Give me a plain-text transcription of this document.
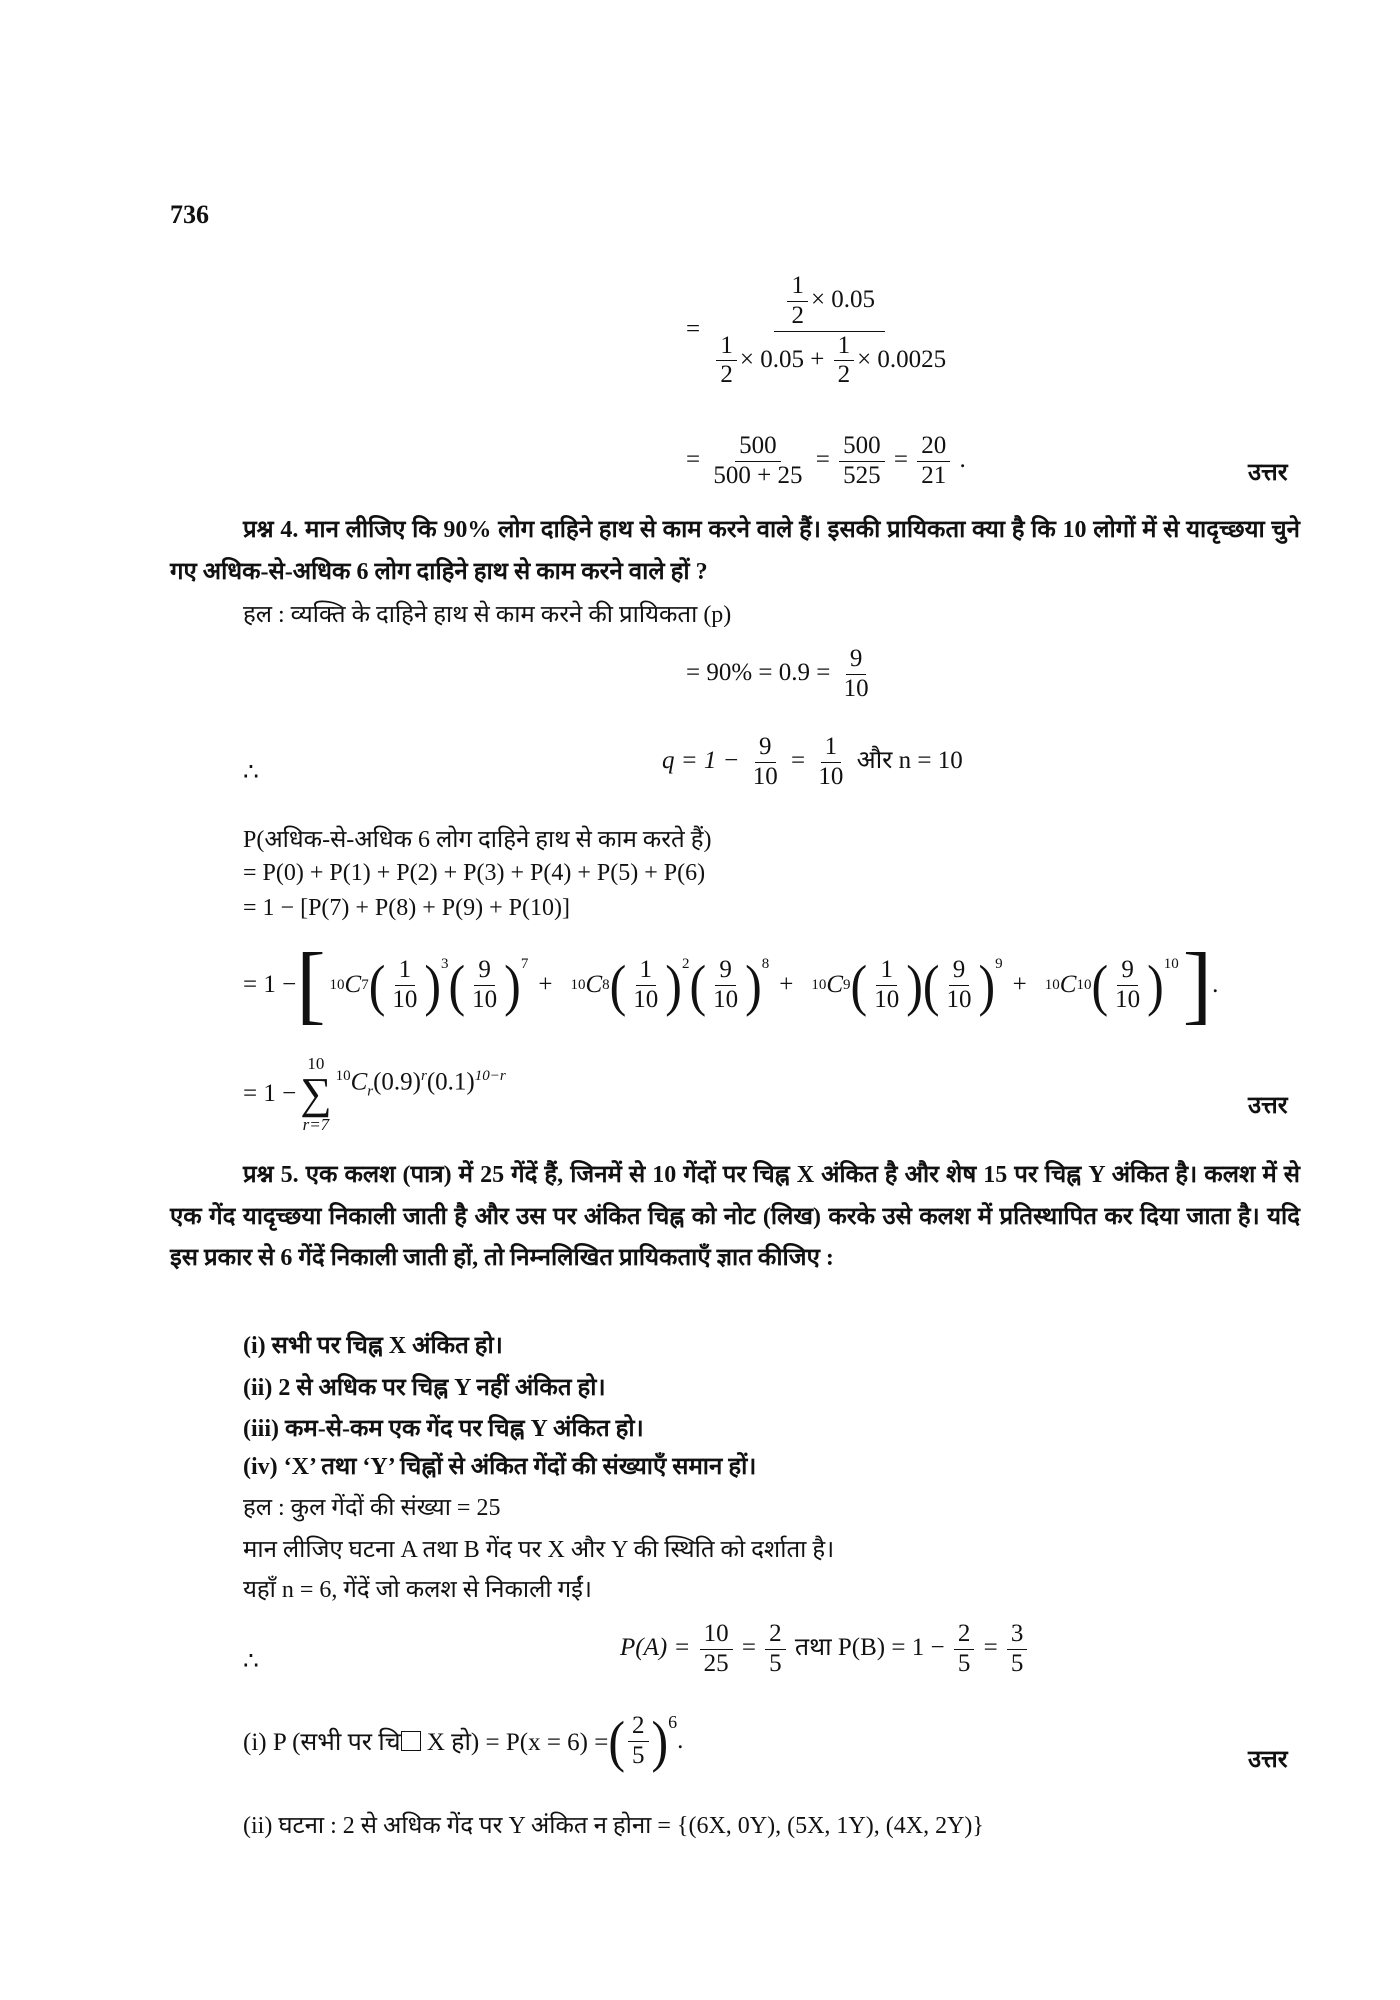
736
= $\frac{\frac{1}{2} \times 0.05}{\frac{1}{2} \times 0.05 + \frac{1}{2} \times 0.0025}$
= $\frac{500}{500 + 25} = \frac{500}{525} = \frac{20}{21}$ .
उत्तर
प्रश्न 4. मान लीजिए कि 90% लोग दाहिने हाथ से काम करने वाले हैं। इसकी प्रायिकता क्या है कि 10 लोगों में से यादृच्छया चुने गए अधिक-से-अधिक 6 लोग दाहिने हाथ से काम करने वाले हों ?
हल : व्यक्ति के दाहिने हाथ से काम करने की प्रायिकता (p)
= $90\% = 0.9 = \frac{9}{10}$
∴	$q = 1 - \frac{9}{10} = \frac{1}{10}$ और n = 10
P(अधिक-से-अधिक 6 लोग दाहिने हाथ से काम करते हैं)
= P(0) + P(1) + P(2) + P(3) + P(4) + P(5) + P(6)
= 1 − [P(7) + P(8) + P(9) + P(10)]
= 1 − [ 10 C 7 ( $\frac{1}{10} )^3$ ( $\frac{9}{10} )^7$
+ 10 C 8 ( $\frac{1}{10} )^2$ ( $\frac{9}{10} )^8$
+ 10 C 9 ( $\frac{1}{10}$ ) ( $\frac{9}{10} )^9$
+ 10 C 10 ( $\frac{9}{10} )^{10}$ ] .
= 1 −
10
∑
r=7
$^{10}C_r(0.9)^r(0.1)^{10-r}$
उत्तर
प्रश्न 5. एक कलश (पात्र) में 25 गेंदें हैं, जिनमें से 10 गेंदों पर चिह्न X अंकित है और शेष 15 पर चिह्न Y अंकित है। कलश में से एक गेंद यादृच्छया निकाली जाती है और उस पर अंकित चिह्न को नोट (लिख) करके उसे कलश में प्रतिस्थापित कर दिया जाता है। यदि इस प्रकार से 6 गेंदें निकाली जाती हों, तो निम्नलिखित प्रायिकताएँ ज्ञात कीजिए :
(i) सभी पर चिह्न X अंकित हो।
(ii) 2 से अधिक पर चिह्न Y नहीं अंकित हो।
(iii) कम-से-कम एक गेंद पर चिह्न Y अंकित हो।
(iv) ‘X’ तथा ‘Y’ चिह्नों से अंकित गेंदों की संख्याएँ समान हों।
हल : कुल गेंदों की संख्या = 25
मान लीजिए घटना A तथा B गेंद पर X और Y की स्थिति को दर्शाता है।
यहाँ n = 6, गेंदें जो कलश से निकाली गईं।
∴
$P(A) = \frac{10}{25} = \frac{2}{5}$ तथा $P(B) = 1 - \frac{2}{5} = \frac{3}{5}$
(i) P (सभी पर चि
X हो) = P(x = 6) = ( $\frac{2}{5} )^6$
.
उत्तर
(ii) घटना : 2 से अधिक गेंद पर Y अंकित न होना = {(6X, 0Y), (5X, 1Y), (4X, 2Y)}
